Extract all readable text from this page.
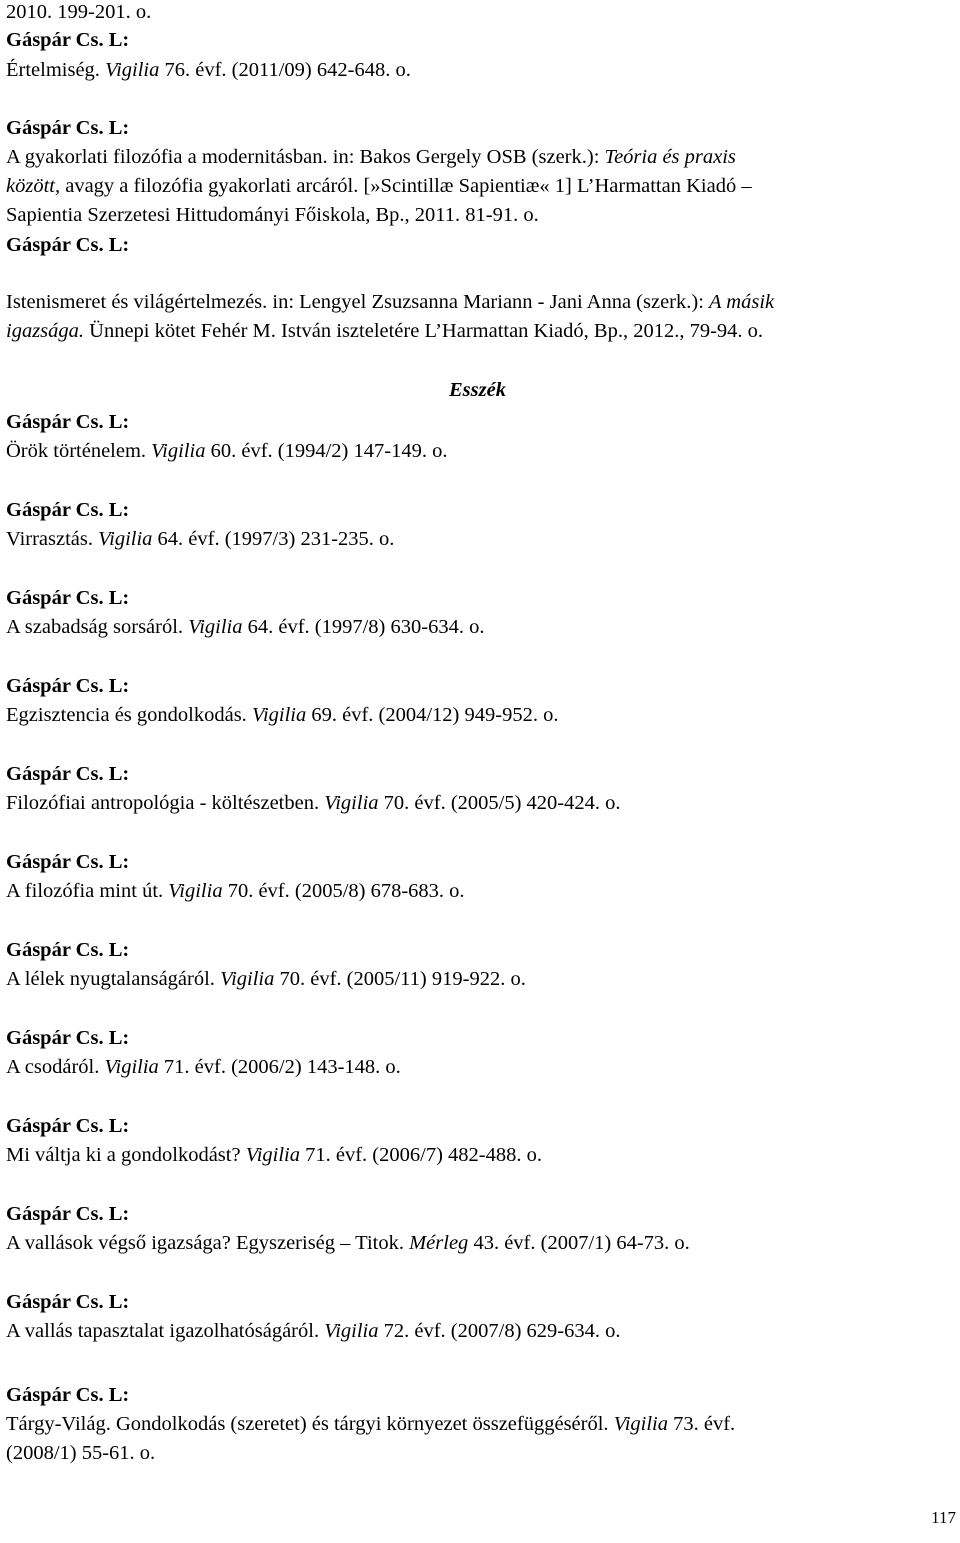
2010. 199-201. o.
Gáspár Cs. L:
Értelmiség. Vigilia 76. évf. (2011/09) 642-648. o.
Gáspár Cs. L:
A gyakorlati filozófia a modernitásban. in: Bakos Gergely OSB (szerk.): Teória és praxis
között, avagy a filozófia gyakorlati arcáról. [»Scintillæ Sapientiæ« 1] L’Harmattan Kiadó –
Sapientia Szerzetesi Hittudományi Főiskola, Bp., 2011. 81-91. o.
Gáspár Cs. L:
Istenismeret és világértelmezés. in: Lengyel Zsuzsanna Mariann - Jani Anna (szerk.): A másik
igazsága. Ünnepi kötet Fehér M. István iszteletére L’Harmattan Kiadó, Bp., 2012., 79-94. o.
Esszék
Gáspár Cs. L:
Örök történelem. Vigilia 60. évf. (1994/2) 147-149. o.
Gáspár Cs. L:
Virrasztás. Vigilia 64. évf. (1997/3) 231-235. o.
Gáspár Cs. L:
A szabadság sorsáról. Vigilia 64. évf. (1997/8) 630-634. o.
Gáspár Cs. L:
Egzisztencia és gondolkodás. Vigilia 69. évf. (2004/12) 949-952. o.
Gáspár Cs. L:
Filozófiai antropológia - költészetben. Vigilia 70. évf. (2005/5) 420-424. o.
Gáspár Cs. L:
A filozófia mint út. Vigilia 70. évf. (2005/8) 678-683. o.
Gáspár Cs. L:
A lélek nyugtalanságáról. Vigilia 70. évf. (2005/11) 919-922. o.
Gáspár Cs. L:
A csodáról. Vigilia 71. évf. (2006/2) 143-148. o.
Gáspár Cs. L:
Mi váltja ki a gondolkodást? Vigilia 71. évf. (2006/7) 482-488. o.
Gáspár Cs. L:
A vallások végső igazsága? Egyszeriség – Titok. Mérleg 43. évf. (2007/1) 64-73. o.
Gáspár Cs. L:
A vallás tapasztalat igazolhatóságáról. Vigilia 72. évf. (2007/8) 629-634. o.
Gáspár Cs. L:
Tárgy-Világ. Gondolkodás (szeretet) és tárgyi környezet összefüggéséről. Vigilia 73. évf.
(2008/1) 55-61. o.
117
